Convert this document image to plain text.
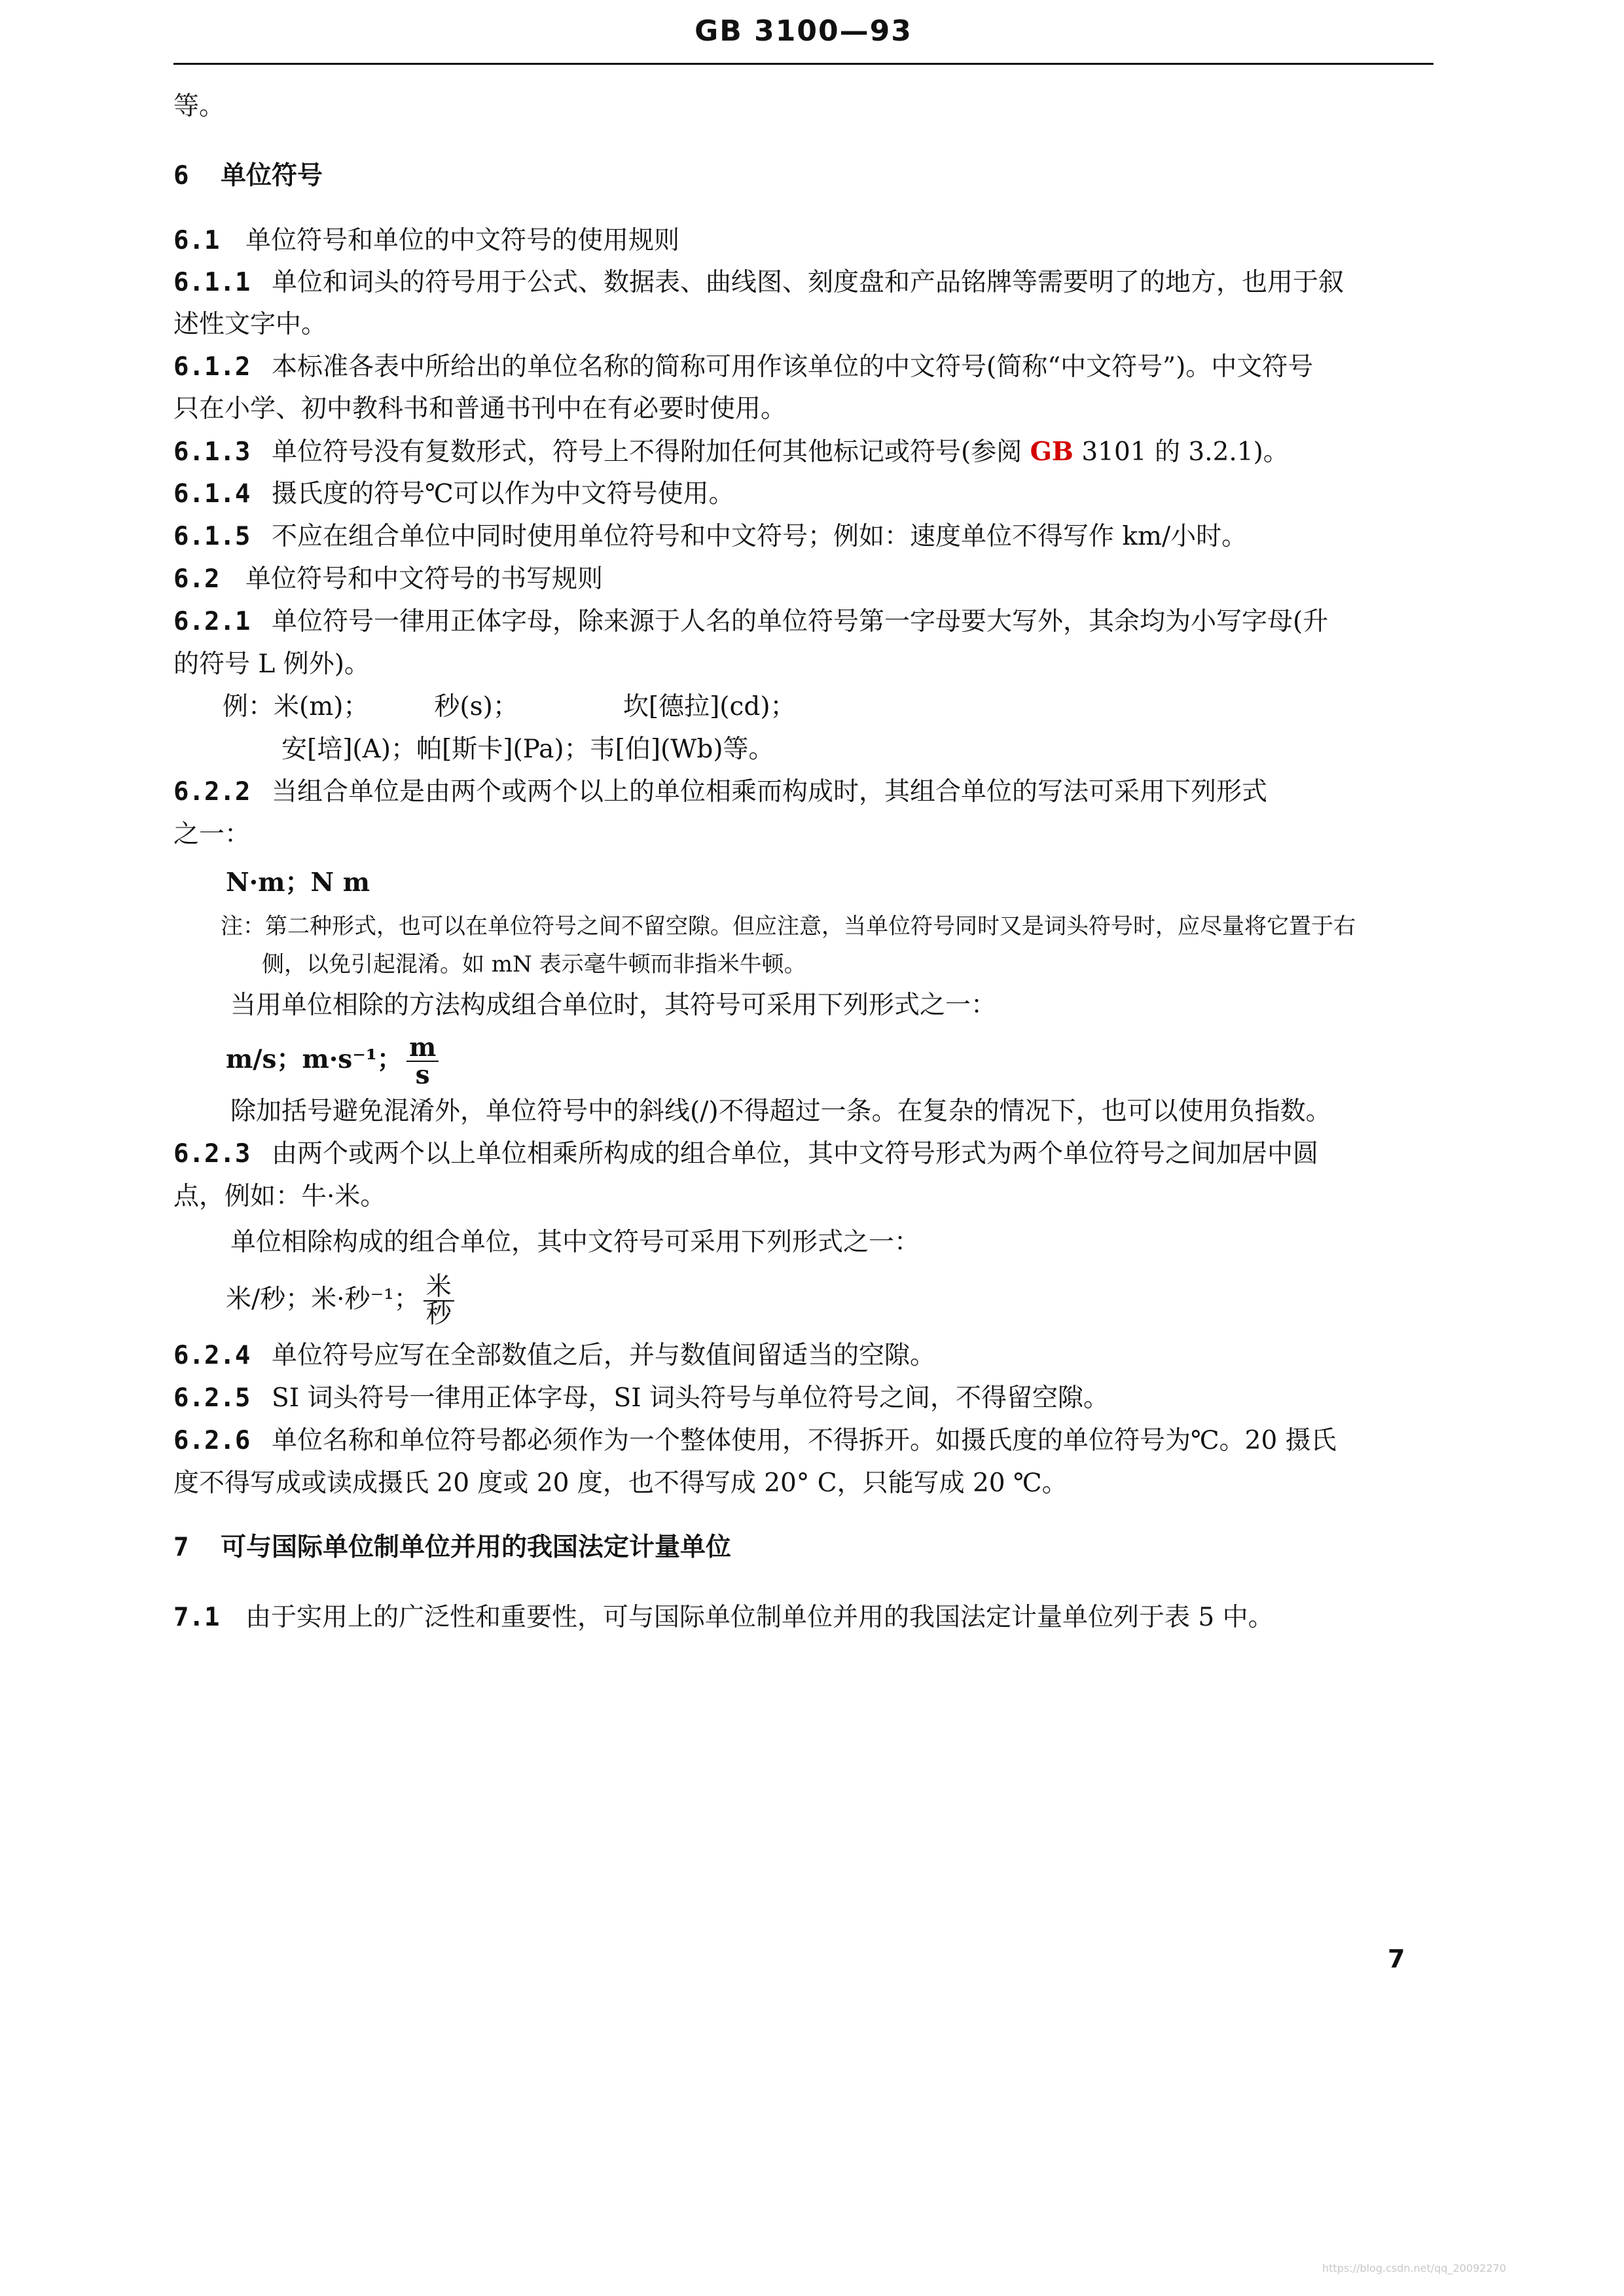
GB 3100—93
等。
6 单位符号
6.1 单位符号和单位的中文符号的使用规则
6.1.1 单位和词头的符号用于公式、数据表、曲线图、刻度盘和产品铭牌等需要明了的地方，也用于叙
述性文字中。
6.1.2 本标准各表中所给出的单位名称的简称可用作该单位的中文符号(简称“中文符号”)。中文符号
只在小学、初中教科书和普通书刊中在有必要时使用。
6.1.3 单位符号没有复数形式，符号上不得附加任何其他标记或符号(参阅 GB 3101 的 3.2.1)。
6.1.4 摄氏度的符号℃可以作为中文符号使用。
6.1.5 不应在组合单位中同时使用单位符号和中文符号；例如：速度单位不得写作 km/小时。
6.2 单位符号和中文符号的书写规则
6.2.1 单位符号一律用正体字母，除来源于人名的单位符号第一字母要大写外，其余均为小写字母(升
的符号 L 例外)。
例：米(m)；	秒(s)；	坎[德拉](cd)；
安[培](A)；帕[斯卡](Pa)；韦[伯](Wb)等。
6.2.2 当组合单位是由两个或两个以上的单位相乘而构成时，其组合单位的写法可采用下列形式
之一：
N·m；N m
注：第二种形式，也可以在单位符号之间不留空隙。但应注意，当单位符号同时又是词头符号时，应尽量将它置于右
侧，以免引起混淆。如 mN 表示毫牛顿而非指米牛顿。
当用单位相除的方法构成组合单位时，其符号可采用下列形式之一：
m/s；m·s⁻¹； $\frac{m}{s}$
除加括号避免混淆外，单位符号中的斜线(/)不得超过一条。在复杂的情况下，也可以使用负指数。
6.2.3 由两个或两个以上单位相乘所构成的组合单位，其中文符号形式为两个单位符号之间加居中圆
点，例如：牛·米。
单位相除构成的组合单位，其中文符号可采用下列形式之一：
米/秒；米·秒⁻¹； $\frac{\text{米}}{\text{秒}}$
6.2.4 单位符号应写在全部数值之后，并与数值间留适当的空隙。
6.2.5 SI 词头符号一律用正体字母，SI 词头符号与单位符号之间，不得留空隙。
6.2.6 单位名称和单位符号都必须作为一个整体使用，不得拆开。如摄氏度的单位符号为℃。20 摄氏
度不得写成或读成摄氏 20 度或 20 度，也不得写成 20° C，只能写成 20 ℃。
7 可与国际单位制单位并用的我国法定计量单位
7.1 由于实用上的广泛性和重要性，可与国际单位制单位并用的我国法定计量单位列于表 5 中。
7
https://blog.csdn.net/qq_20092270
